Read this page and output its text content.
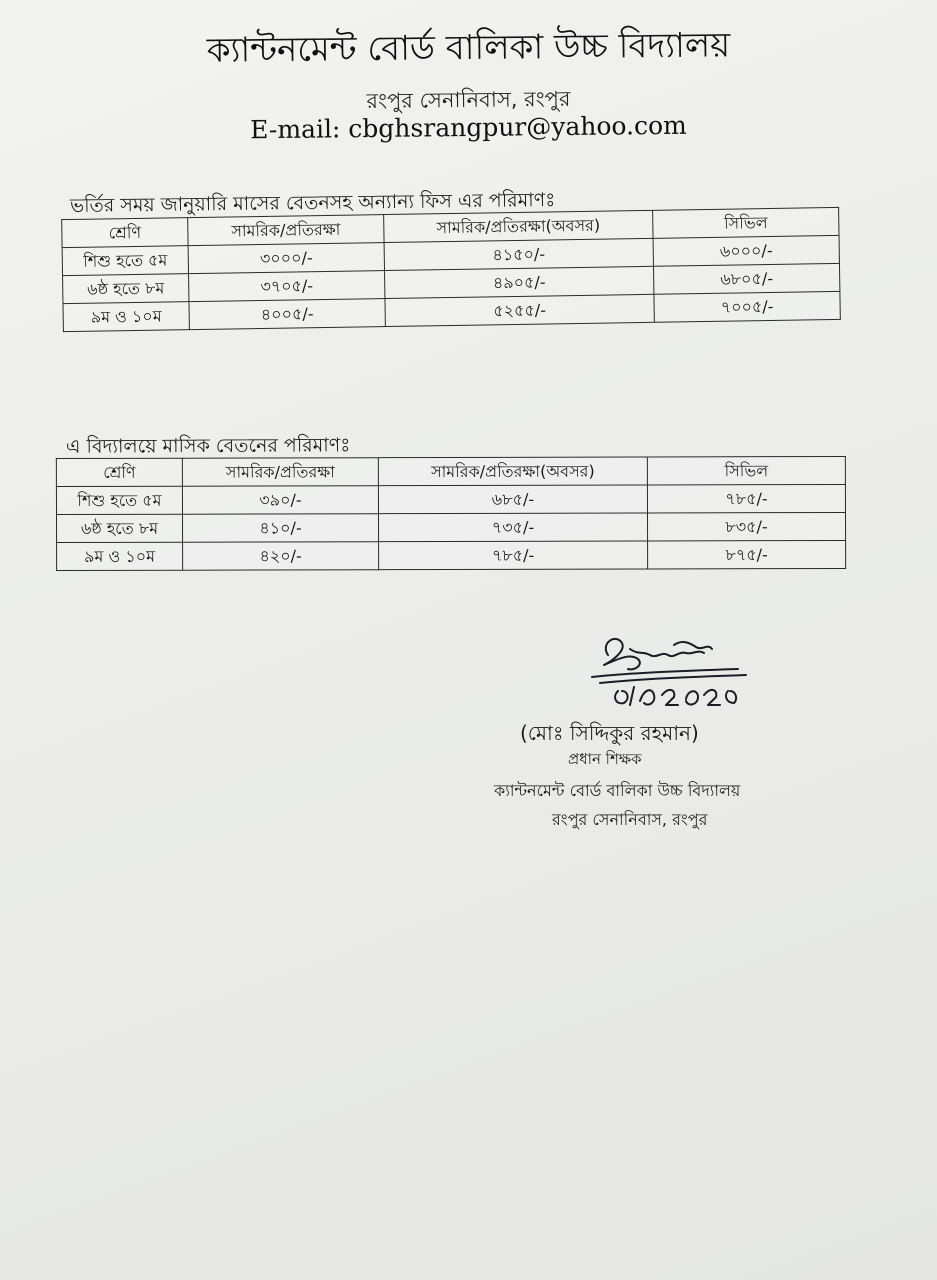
ক্যান্টনমেন্ট বোর্ড বালিকা উচ্চ বিদ্যালয়
রংপুর সেনানিবাস, রংপুর
E-mail: cbghsrangpur@yahoo.com
ভর্তির সময় জানুয়ারি মাসের বেতনসহ অন্যান্য ফিস এর পরিমাণঃ
শ্রেণি	সামরিক/প্রতিরক্ষা	সামরিক/প্রতিরক্ষা(অবসর)	সিভিল
শিশু হতে ৫ম	৩০০০/-	৪১৫০/-	৬০০০/-
৬ষ্ঠ হতে ৮ম	৩৭০৫/-	৪৯০৫/-	৬৮০৫/-
৯ম ও ১০ম	৪০০৫/-	৫২৫৫/-	৭০০৫/-
এ বিদ্যালয়ে মাসিক বেতনের পরিমাণঃ
শ্রেণি	সামরিক/প্রতিরক্ষা	সামরিক/প্রতিরক্ষা(অবসর)	সিভিল
শিশু হতে ৫ম	৩৯০/-	৬৮৫/-	৭৮৫/-
৬ষ্ঠ হতে ৮ম	৪১০/-	৭৩৫/-	৮৩৫/-
৯ম ও ১০ম	৪২০/-	৭৮৫/-	৮৭৫/-
(মোঃ সিদ্দিকুর রহমান)
প্রধান শিক্ষক
ক্যান্টনমেন্ট বোর্ড বালিকা উচ্চ বিদ্যালয়
রংপুর সেনানিবাস, রংপুর
